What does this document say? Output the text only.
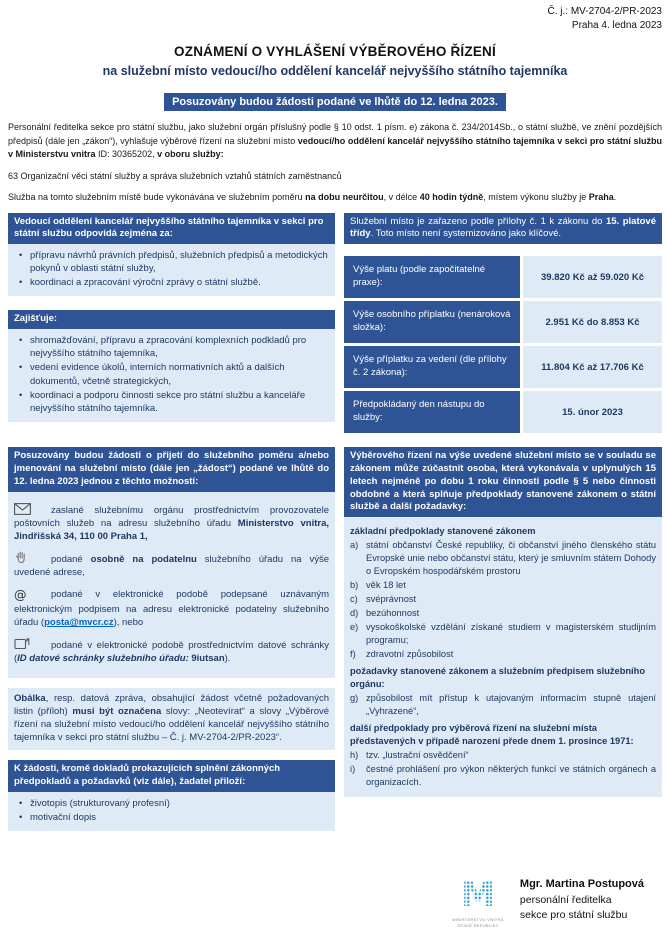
Č. j.: MV-2704-2/PR-2023
Praha 4. ledna 2023
OZNÁMENÍ O VYHLÁŠENÍ VÝBĚROVÉHO ŘÍZENÍ
na služební místo vedoucí/ho oddělení kancelář nejvyššího státního tajemníka
Posuzovány budou žádosti podané ve lhůtě do 12. ledna 2023.

Personální ředitelka sekce pro státní službu, jako služební orgán příslušný podle § 10 odst. 1 písm. e) zákona č. 234/2014Sb., o státní službě, ve znění pozdějších předpisů (dále jen „zákon“), vyhlašuje výběrové řízení na služební místo vedoucí/ho oddělení kancelář nejvyššího státního tajemníka v sekci pro státní službu v Ministerstvu vnitra ID: 30365202, v oboru služby:

63 Organizační věci státní služby a správa služebních vztahů státních zaměstnanců

Služba na tomto služebním místě bude vykonávána ve služebním poměru na dobu neurčitou, v délce 40 hodin týdně, místem výkonu služby je Praha.

Vedoucí oddělení kancelář nejvyššího státního tajemníka v sekci pro státní službu odpovídá zejména za:
• přípravu návrhů právních předpisů, služebních předpisů a metodických pokynů v oblasti státní služby,
• koordinaci a zpracování výroční zprávy o státní službě.
Zajišťuje:
• shromažďování, přípravu a zpracování komplexních podkladů pro nejvyššího státního tajemníka,
• vedení evidence úkolů, interních normativních aktů a dalších dokumentů, včetně strategických,
• koordinaci a podporu činnosti sekce pro státní službu a kanceláře nejvyššího státního tajemníka.
Služební místo je zařazeno podle přílohy č. 1 k zákonu do 15. platové třídy. Toto místo není systemizováno jako klíčové.
Výše platu (podle započitatelné praxe):	39.820 Kč až 59.020 Kč
Výše osobního příplatku (nenároková složka):	2.951 Kč do 8.853 Kč
Výše příplatku za vedení (dle přílohy č. 2 zákona):	11.804 Kč až 17.706 Kč
Předpokládaný den nástupu do služby:	15. únor 2023
Posuzovány budou žádosti o přijetí do služebního poměru a/nebo jmenování na služební místo (dále jen „žádost“) podané ve lhůtě do 12. ledna 2023 jednou z těchto možností:
zaslané služebnímu orgánu prostřednictvím provozovatele poštovních služeb na adresu služebního úřadu Ministerstvo vnitra, Jindřišská 34, 110 00 Praha 1,
podané osobně na podatelnu služebního úřadu na výše uvedené adrese,
@	podané v elektronické podobě podepsané uznávaným elektronickým podpisem na adresu elektronické podatelny služebního úřadu (posta@mvcr.cz), nebo
podané v elektronické podobě prostřednictvím datové schránky (ID datové schránky služebního úřadu: 9iutsan).
Obálka, resp. datová zpráva, obsahující žádost včetně požadovaných listin (příloh) musí být označena slovy: „Neotevírat“ a slovy „Výběrové řízení na služební místo vedoucí/ho oddělení kancelář nejvyššího státního tajemníka v sekci pro státní službu – Č. j. MV-2704-2/PR-2023“.
K žádosti, kromě dokladů prokazujících splnění zákonných předpokladů a požadavků (viz dále), žadatel přiloží:
• životopis (strukturovaný profesní)
• motivační dopis
Výběrového řízení na výše uvedené služební místo se v souladu se zákonem může zúčastnit osoba, která vykonávala v uplynulých 15 letech nejméně po dobu 1 roku činnosti podle § 5 nebo činnosti obdobné a která splňuje předpoklady stanovené zákonem o státní službě a další požadavky:
základní předpoklady stanovené zákonem
a) státní občanství České republiky, či občanství jiného členského státu Evropské unie nebo občanství státu, který je smluvním státem Dohody o Evropském hospodářském prostoru
b) věk 18 let
c) svéprávnost
d) bezúhonnost
e) vysokoškolské vzdělání získané studiem v magisterském studijním programu;
f) zdravotní způsobilost
požadavky stanovené zákonem a služebním předpisem služebního orgánu:
g) způsobilost mít přístup k utajovaným informacím stupně utajení „Vyhrazené“,
další předpoklady pro výběrová řízení na služební místa představených v případě narození přede dnem 1. prosince 1971:
h) tzv. „lustrační osvědčení“
i) čestné prohlášení pro výkon některých funkcí ve státních orgánech a organizacích.
M
MINISTERSTVO VNITRA
ČESKÉ REPUBLIKY
Mgr. Martina Postupová
personální ředitelka
sekce pro státní službu
